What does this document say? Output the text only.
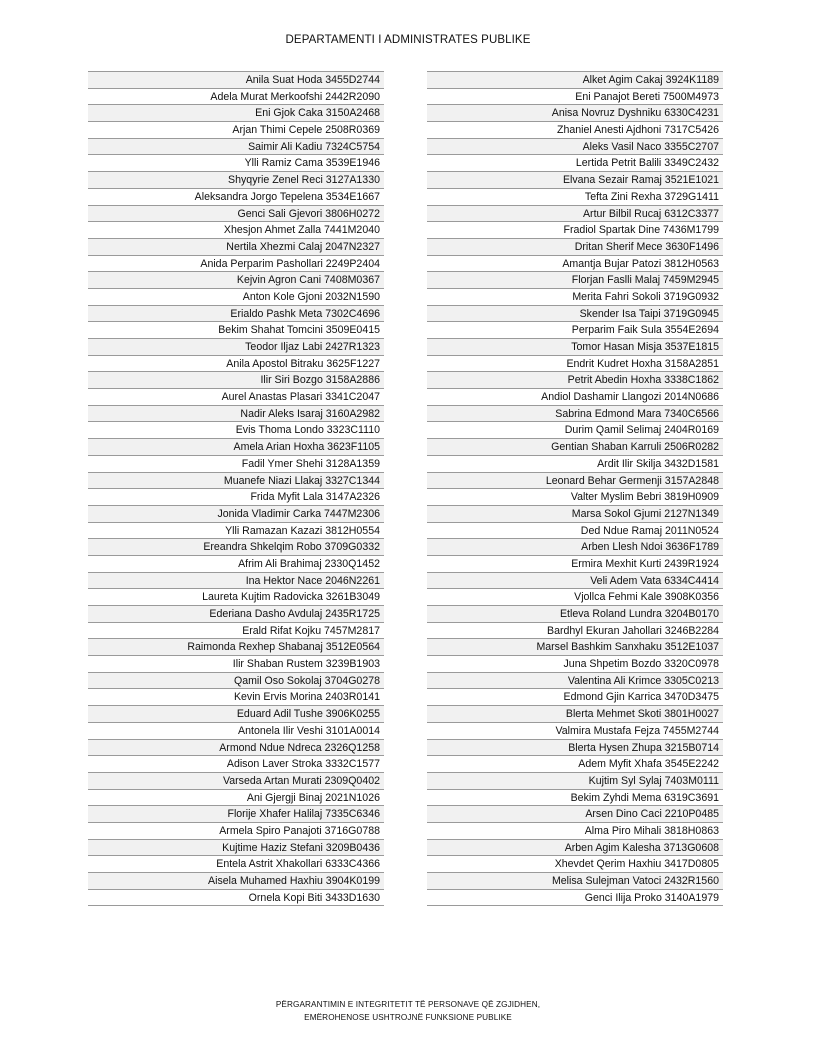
DEPARTAMENTI I ADMINISTRATES PUBLIKE
Anila Suat Hoda 3455D2744
Adela Murat Merkoofshi 2442R2090
Eni Gjok Caka 3150A2468
Arjan Thimi Cepele 2508R0369
Saimir Ali Kadiu 7324C5754
Ylli Ramiz Cama 3539E1946
Shyqyrie Zenel Reci 3127A1330
Aleksandra Jorgo Tepelena 3534E1667
Genci Sali Gjevori 3806H0272
Xhesjon Ahmet Zalla 7441M2040
Nertila Xhezmi Calaj 2047N2327
Anida Perparim Pashollari 2249P2404
Kejvin Agron Cani 7408M0367
Anton Kole Gjoni 2032N1590
Erialdo Pashk Meta 7302C4696
Bekim Shahat Tomcini 3509E0415
Teodor Iljaz Labi 2427R1323
Anila Apostol Bitraku 3625F1227
Ilir Siri Bozgo 3158A2886
Aurel Anastas Plasari 3341C2047
Nadir Aleks Isaraj 3160A2982
Evis Thoma Londo 3323C1110
Amela Arian Hoxha 3623F1105
Fadil Ymer Shehi 3128A1359
Muanefe Niazi Llakaj 3327C1344
Frida Myfit Lala 3147A2326
Jonida Vladimir Carka 7447M2306
Ylli Ramazan Kazazi 3812H0554
Ereandra Shkelqim Robo 3709G0332
Afrim Ali Brahimaj 2330Q1452
Ina Hektor Nace 2046N2261
Laureta Kujtim Radovicka 3261B3049
Ederiana Dasho Avdulaj 2435R1725
Erald Rifat Kojku 7457M2817
Raimonda Rexhep Shabanaj 3512E0564
Ilir Shaban Rustem 3239B1903
Qamil Oso Sokolaj 3704G0278
Kevin Ervis Morina 2403R0141
Eduard Adil Tushe 3906K0255
Antonela Ilir Veshi 3101A0014
Armond Ndue Ndreca 2326Q1258
Adison Laver Stroka 3332C1577
Varseda Artan Murati 2309Q0402
Ani Gjergji Binaj 2021N1026
Florije Xhafer Halilaj 7335C6346
Armela Spiro Panajoti 3716G0788
Kujtime Haziz Stefani 3209B0436
Entela Astrit Xhakollari 6333C4366
Aisela Muhamed Haxhiu 3904K0199
Ornela Kopi Biti 3433D1630
Alket Agim Cakaj 3924K1189
Eni Panajot Bereti 7500M4973
Anisa Novruz Dyshniku 6330C4231
Zhaniel Anesti Ajdhoni 7317C5426
Aleks Vasil Naco 3355C2707
Lertida Petrit Balili 3349C2432
Elvana Sezair Ramaj 3521E1021
Tefta Zini Rexha 3729G1411
Artur Bilbil Rucaj 6312C3377
Fradiol Spartak Dine 7436M1799
Dritan Sherif Mece 3630F1496
Amantja Bujar Patozi 3812H0563
Florjan Faslli Malaj 7459M2945
Merita Fahri Sokoli 3719G0932
Skender Isa Taipi 3719G0945
Perparim Faik Sula 3554E2694
Tomor Hasan Misja 3537E1815
Endrit Kudret Hoxha 3158A2851
Petrit Abedin Hoxha 3338C1862
Andiol Dashamir Llangozi 2014N0686
Sabrina Edmond Mara 7340C6566
Durim Qamil Selimaj 2404R0169
Gentian Shaban Karruli 2506R0282
Ardit Ilir Skilja 3432D1581
Leonard Behar Germenji 3157A2848
Valter Myslim Bebri 3819H0909
Marsa Sokol Gjumi 2127N1349
Ded Ndue Ramaj 2011N0524
Arben Llesh Ndoi 3636F1789
Ermira Mexhit Kurti 2439R1924
Veli Adem Vata 6334C4414
Vjollca Fehmi Kale 3908K0356
Etleva Roland Lundra 3204B0170
Bardhyl Ekuran Jahollari 3246B2284
Marsel Bashkim Sanxhaku 3512E1037
Juna Shpetim Bozdo 3320C0978
Valentina Ali Krimce 3305C0213
Edmond Gjin Karrica 3470D3475
Blerta Mehmet Skoti 3801H0027
Valmira Mustafa Fejza 7455M2744
Blerta Hysen Zhupa 3215B0714
Adem Myfit Xhafa 3545E2242
Kujtim Syl Sylaj 7403M0111
Bekim Zyhdi Mema 6319C3691
Arsen Dino Caci 2210P0485
Alma Piro Mihali 3818H0863
Arben Agim Kalesha 3713G0608
Xhevdet Qerim Haxhiu 3417D0805
Melisa Sulejman Vatoci 2432R1560
Genci Ilija Proko 3140A1979
PËRGARANTIMIN E INTEGRITETIT TË PERSONAVE QË ZGJIDHEN,
EMËROHENOSE USHTROJNË FUNKSIONE PUBLIKE
